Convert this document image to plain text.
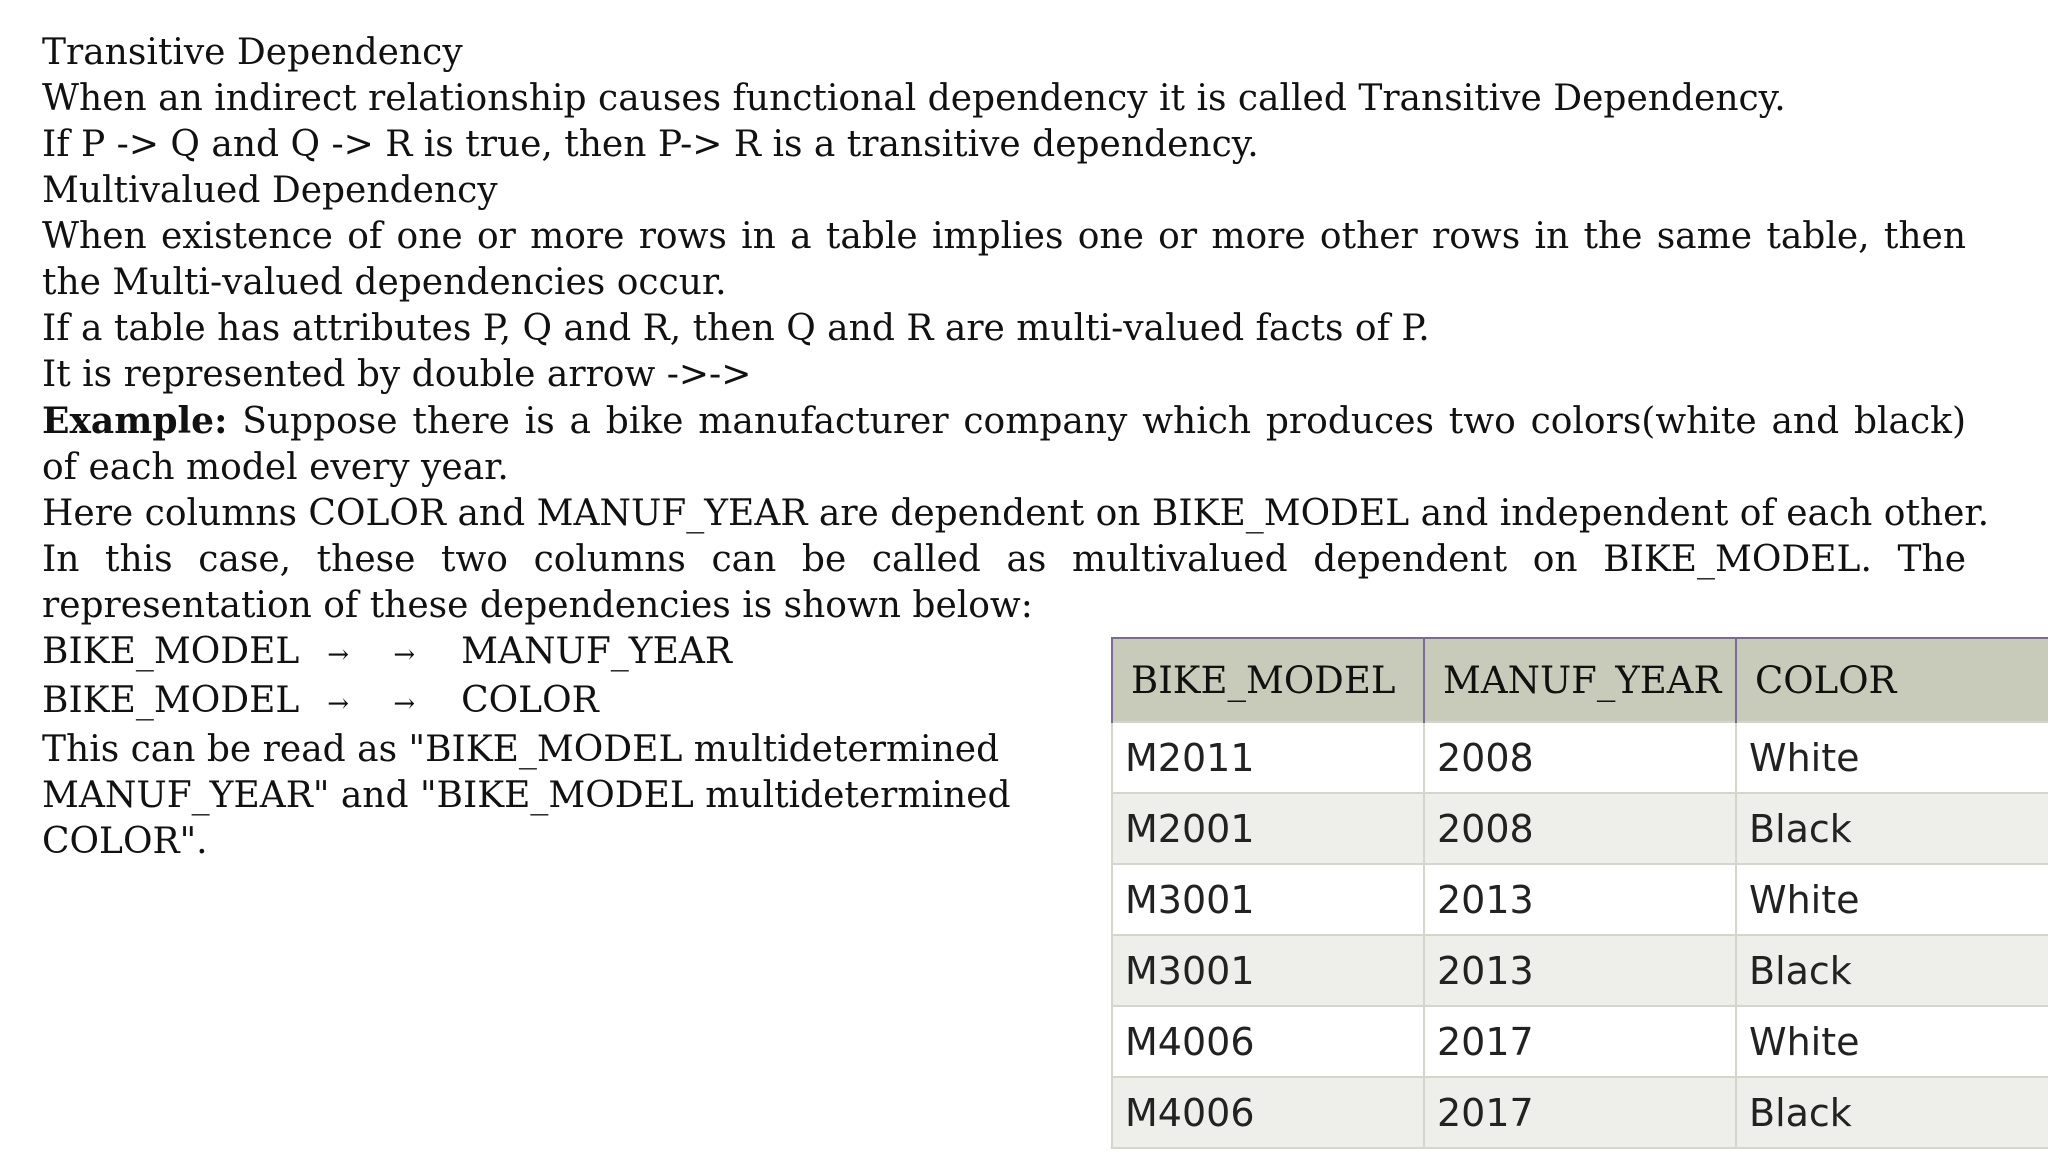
Transitive Dependency
When an indirect relationship causes functional dependency it is called Transitive Dependency.
If P -> Q and Q -> R is true, then P-> R is a transitive dependency.
Multivalued Dependency
When existence of one or more rows in a table implies one or more other rows in the same table, then the Multi-valued dependencies occur.
If a table has attributes P, Q and R, then Q and R are multi-valued facts of P.
It is represented by double arrow ->->
Example: Suppose there is a bike manufacturer company which produces two colors(white and black) of each model every year.
Here columns COLOR and MANUF_YEAR are dependent on BIKE_MODEL and independent of each other.
In this case, these two columns can be called as multivalued dependent on BIKE_MODEL. The representation of these dependencies is shown below:
BIKE_MODEL → → MANUF_YEAR
BIKE_MODEL → → COLOR
This can be read as "BIKE_MODEL multidetermined MANUF_YEAR" and "BIKE_MODEL multidetermined COLOR".
BIKE_MODEL	MANUF_YEAR	COLOR
M2011	2008	White
M2001	2008	Black
M3001	2013	White
M3001	2013	Black
M4006	2017	White
M4006	2017	Black
